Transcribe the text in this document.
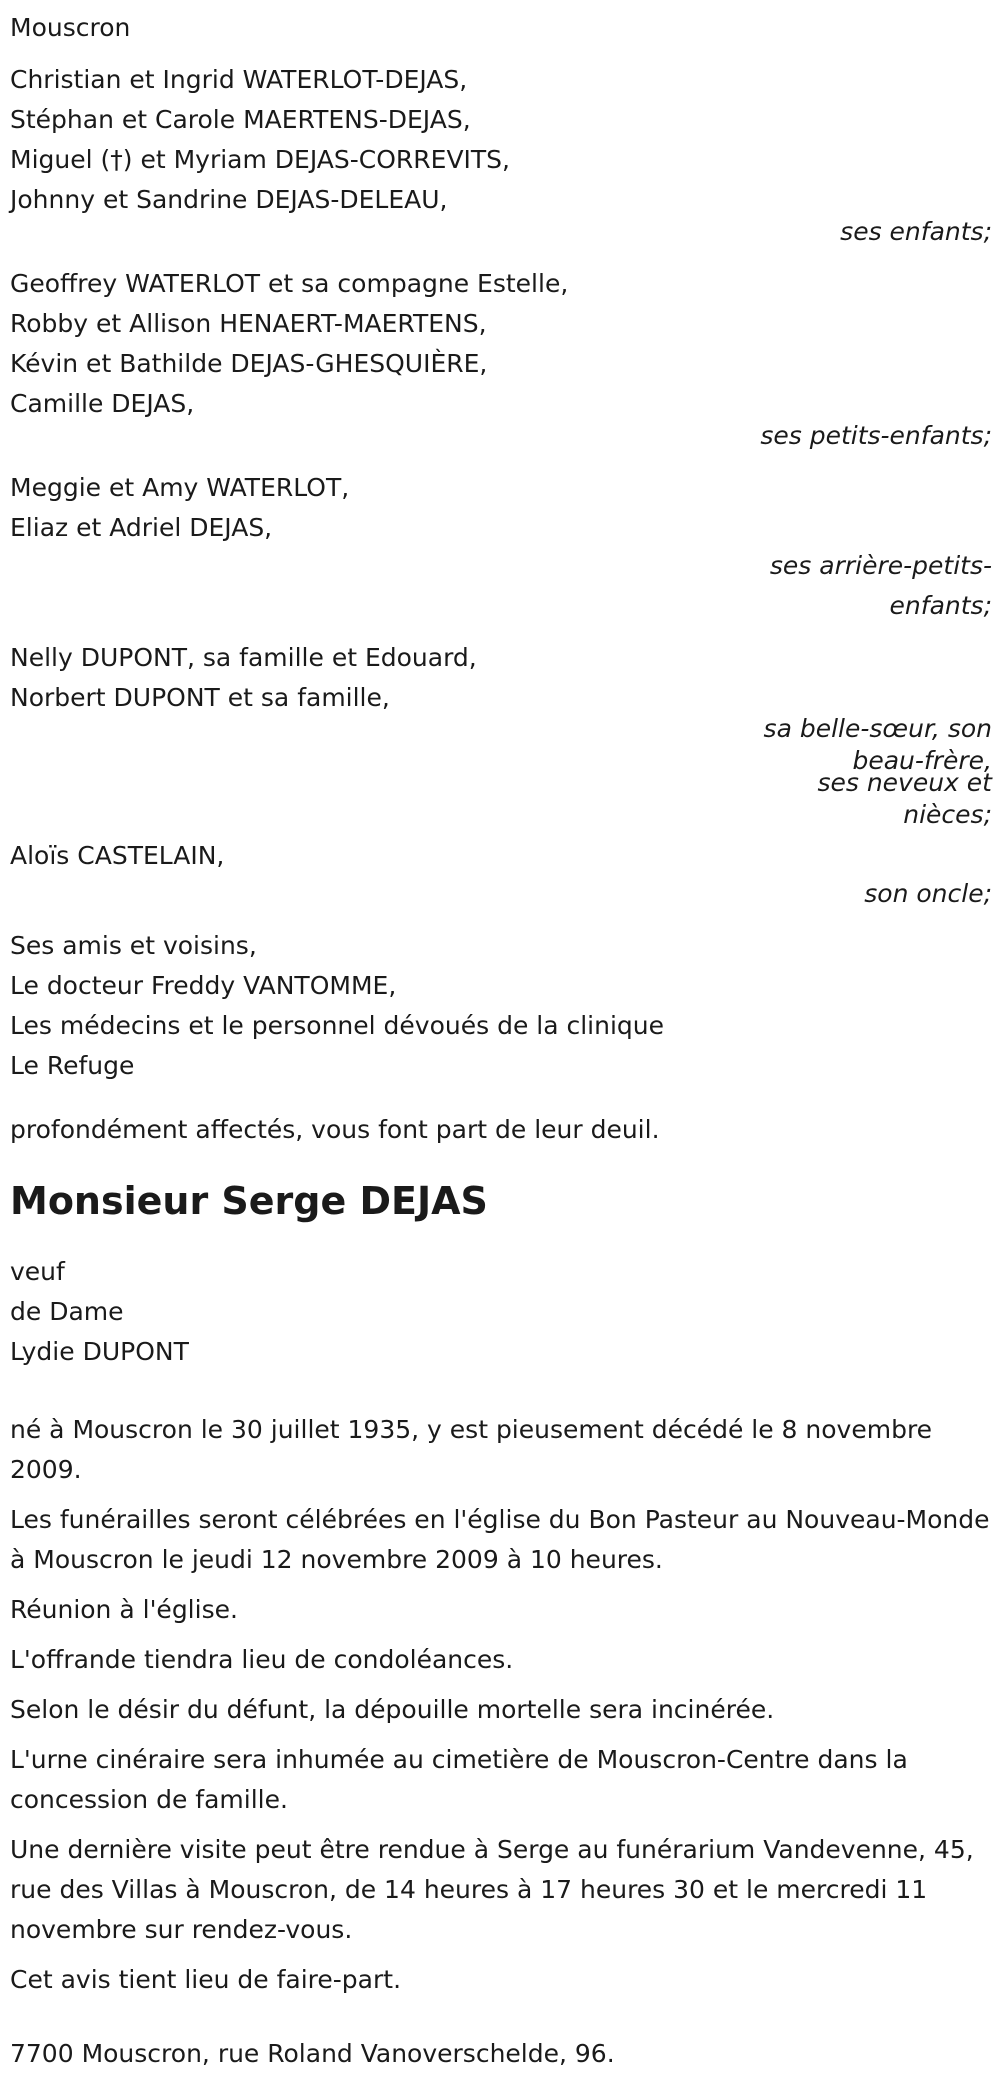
Mouscron
Christian et Ingrid WATERLOT-DEJAS,
Stéphan et Carole MAERTENS-DEJAS,
Miguel (†) et Myriam DEJAS-CORREVITS,
Johnny et Sandrine DEJAS-DELEAU,
ses enfants;
Geoffrey WATERLOT et sa compagne Estelle,
Robby et Allison HENAERT-MAERTENS,
Kévin et Bathilde DEJAS-GHESQUIÈRE,
Camille DEJAS,
ses petits-enfants;
Meggie et Amy WATERLOT,
Eliaz et Adriel DEJAS,
ses arrière-petits-
enfants;
Nelly DUPONT, sa famille et Edouard,
Norbert DUPONT et sa famille,
sa belle-sœur, son
beau-frère,
ses neveux et
nièces;
Aloïs CASTELAIN,
son oncle;
Ses amis et voisins,
Le docteur Freddy VANTOMME,
Les médecins et le personnel dévoués de la clinique
Le Refuge
profondément affectés, vous font part de leur deuil.
Monsieur Serge DEJAS
veuf
de Dame
Lydie DUPONT
né à Mouscron le 30 juillet 1935, y est pieusement décédé le 8 novembre 2009.
Les funérailles seront célébrées en l'église du Bon Pasteur au Nouveau-Monde à Mouscron le jeudi 12 novembre 2009 à 10 heures.
Réunion à l'église.
L'offrande tiendra lieu de condoléances.
Selon le désir du défunt, la dépouille mortelle sera incinérée.
L'urne cinéraire sera inhumée au cimetière de Mouscron-Centre dans la concession de famille.
Une dernière visite peut être rendue à Serge au funérarium Vandevenne, 45, rue des Villas à Mouscron, de 14 heures à 17 heures 30 et le mercredi 11 novembre sur rendez-vous.
Cet avis tient lieu de faire-part.
7700 Mouscron, rue Roland Vanoverschelde, 96.
